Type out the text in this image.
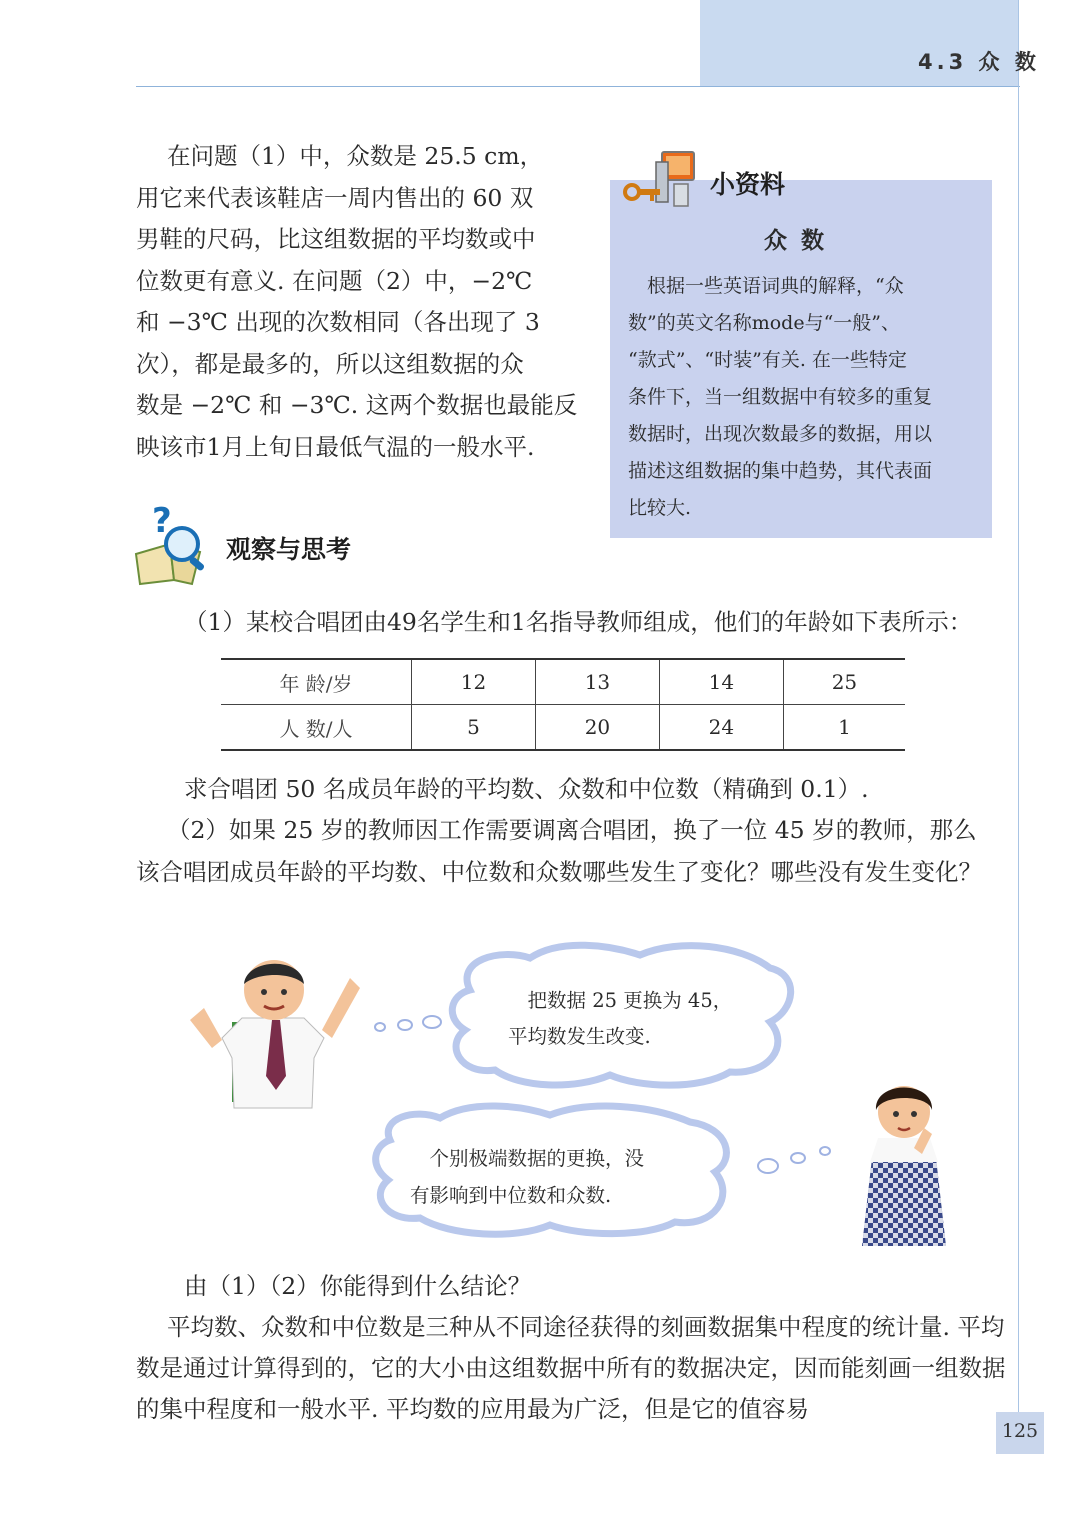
4.3 众 数
　 在问题（1）中，众数是 25.5 cm，
用它来代表该鞋店一周内售出的 60 双
男鞋的尺码，比这组数据的平均数或中
位数更有意义. 在问题（2）中，−2℃
和 −3℃ 出现的次数相同（各出现了 3
次），都是最多的，所以这组数据的众
数是 −2℃ 和 −3℃. 这两个数据也最能反
映该市1月上旬日最低气温的一般水平.
小资料
众数
　根据一些英语词典的解释，“众
数”的英文名称mode与“一般”、
“款式”、“时装”有关. 在一些特定
条件下，当一组数据中有较多的重复
数据时，出现次数最多的数据，用以
描述这组数据的集中趋势，其代表面
比较大.
?
观察与思考
（1）某校合唱团由49名学生和1名指导教师组成，他们的年龄如下表所示：
年 龄/岁	12	13	14	25
人 数/人	5	20	24	1
求合唱团 50 名成员年龄的平均数、众数和中位数（精确到 0.1）.
　 （2）如果 25 岁的教师因工作需要调离合唱团，换了一位 45 岁的教师，那么该合唱团成员年龄的平均数、中位数和众数哪些发生了变化？哪些没有发生变化？
　把数据 25 更换为 45，
平均数发生改变.
　个别极端数据的更换，没
有影响到中位数和众数.
由（1）（2）你能得到什么结论？
　 平均数、众数和中位数是三种从不同途径获得的刻画数据集中程度的统计量. 平均数是通过计算得到的，它的大小由这组数据中所有的数据决定，因而能刻画一组数据的集中程度和一般水平. 平均数的应用最为广泛，但是它的值容易
125
